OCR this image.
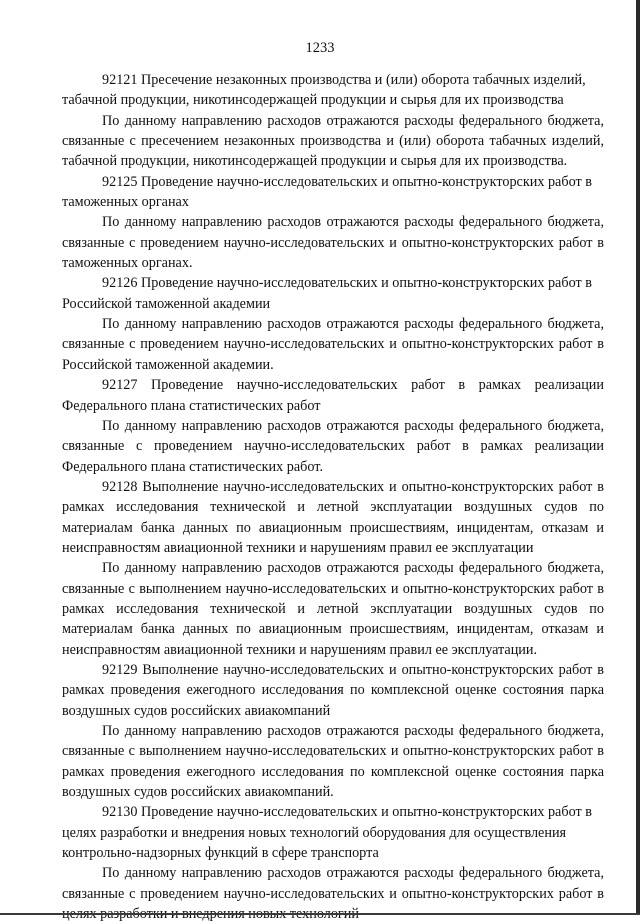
1233

92121 Пресечение незаконных производства и (или) оборота табачных изделий, табачной продукции, никотинсодержащей продукции и сырья для их производства

По данному направлению расходов отражаются расходы федерального бюджета, связанные с пресечением незаконных производства и (или) оборота табачных изделий, табачной продукции, никотинсодержащей продукции и сырья для их производства.

92125 Проведение научно-исследовательских и опытно-конструкторских работ в таможенных органах

По данному направлению расходов отражаются расходы федерального бюджета, связанные с проведением научно-исследовательских и опытно-конструкторских работ в таможенных органах.

92126 Проведение научно-исследовательских и опытно-конструкторских работ в Российской таможенной академии

По данному направлению расходов отражаются расходы федерального бюджета, связанные с проведением научно-исследовательских и опытно-конструкторских работ в Российской таможенной академии.

92127 Проведение научно-исследовательских работ в рамках реализации Федерального плана статистических работ

По данному направлению расходов отражаются расходы федерального бюджета, связанные с проведением научно-исследовательских работ в рамках реализации Федерального плана статистических работ.

92128 Выполнение научно-исследовательских и опытно-конструкторских работ в рамках исследования технической и летной эксплуатации воздушных судов по материалам банка данных по авиационным происшествиям, инцидентам, отказам и неисправностям авиационной техники и нарушениям правил ее эксплуатации

По данному направлению расходов отражаются расходы федерального бюджета, связанные с выполнением научно-исследовательских и опытно-конструкторских работ в рамках исследования технической и летной эксплуатации воздушных судов по материалам банка данных по авиационным происшествиям, инцидентам, отказам и неисправностям авиационной техники и нарушениям правил ее эксплуатации.

92129 Выполнение научно-исследовательских и опытно-конструкторских работ в рамках проведения ежегодного исследования по комплексной оценке состояния парка воздушных судов российских авиакомпаний

По данному направлению расходов отражаются расходы федерального бюджета, связанные с выполнением научно-исследовательских и опытно-конструкторских работ в рамках проведения ежегодного исследования по комплексной оценке состояния парка воздушных судов российских авиакомпаний.

92130 Проведение научно-исследовательских и опытно-конструкторских работ в целях разработки и внедрения новых технологий оборудования для осуществления контрольно-надзорных функций в сфере транспорта

По данному направлению расходов отражаются расходы федерального бюджета, связанные с проведением научно-исследовательских и опытно-конструкторских работ в
